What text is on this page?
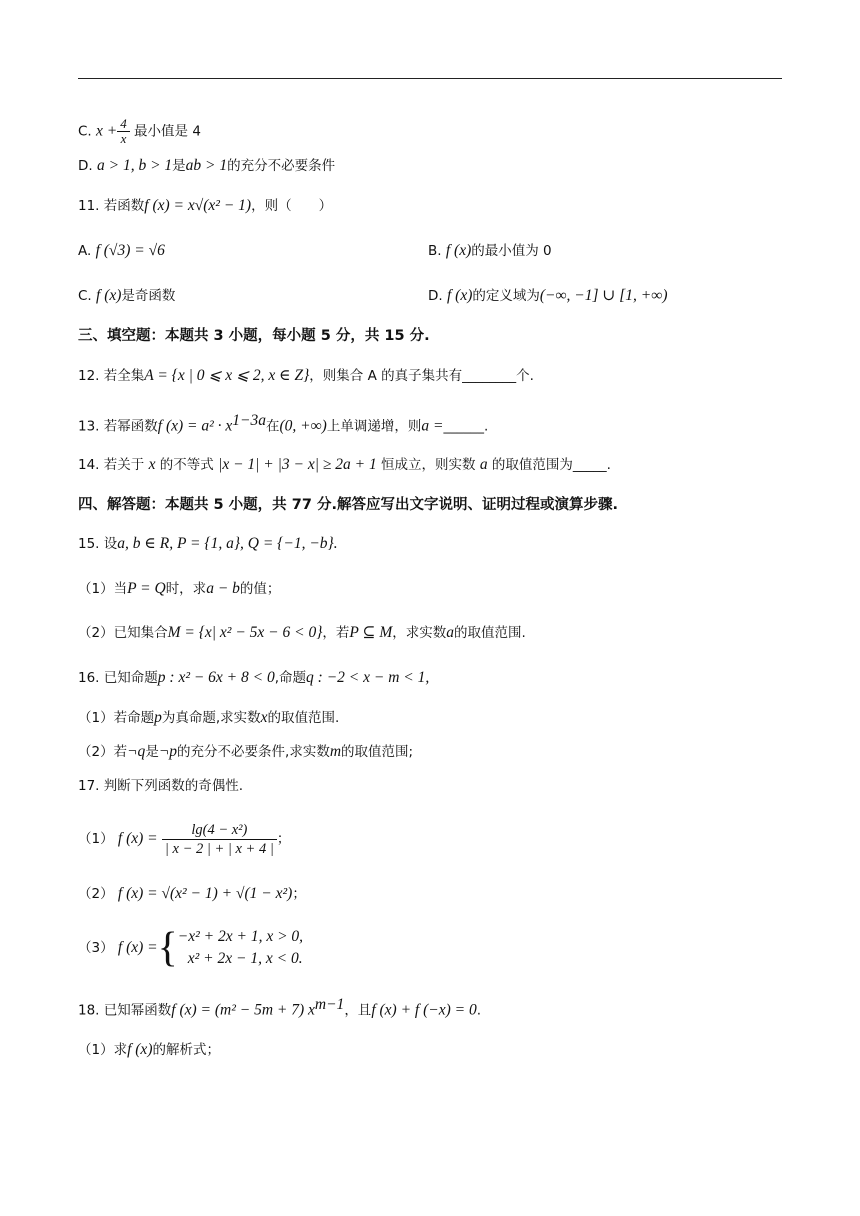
C. $x + \frac{4}{x}$ 最小值是 4
D. a > 1, b > 1是ab > 1的充分不必要条件
11. 若函数f (x) = x√(x² − 1)，则（　　）
A. f (√3) = √6	B. f (x)的最小值为 0
C. f (x)是奇函数	D. f (x)的定义域为(−∞, −1] ∪ [1, +∞)
三、填空题：本题共 3 小题，每小题 5 分，共 15 分.
12. 若全集A = {x | 0 ⩽ x ⩽ 2, x ∈ Z}，则集合 A 的真子集共有________个.
13. 若幂函数f $(x) = a^2 \cdot x^{1-3a}$在(0, +∞)上单调递增，则a =______.
14. 若关于 x 的不等式 |x − 1| + |3 − x| ≥ 2a + 1 恒成立，则实数 a 的取值范围为_____.
四、解答题：本题共 5 小题，共 77 分.解答应写出文字说明、证明过程或演算步骤.
15. 设a, b ∈ R, P = {1, a}, Q = {−1, −b}.
（1）当P = Q时，求a − b的值；
（2）已知集合M = {x| x² − 5x − 6 < 0}，若P ⊆ M，求实数a的取值范围.
16. 已知命题p : x² − 6x + 8 < 0,命题q : −2 < x − m < 1,
（1）若命题p为真命题,求实数x的取值范围.
（2）若¬q是¬p的充分不必要条件,求实数m的取值范围;
17. 判断下列函数的奇偶性.
（1） f $(x) = \frac{\text{lg(4 − x²)}}{| x - 2 | + | x + 4 |}$ ；
（2） f (x) = √(x² − 1) + √(1 − x²)；
（3） f (x) ={ −x² + 2x + 1, x > 0,
x² + 2x − 1, x < 0.
18. 已知幂函数f (x) = (m² − 5m + 7) $x^{m-1}$，且f (x) + f (−x) = 0.
（1）求f (x)的解析式；
